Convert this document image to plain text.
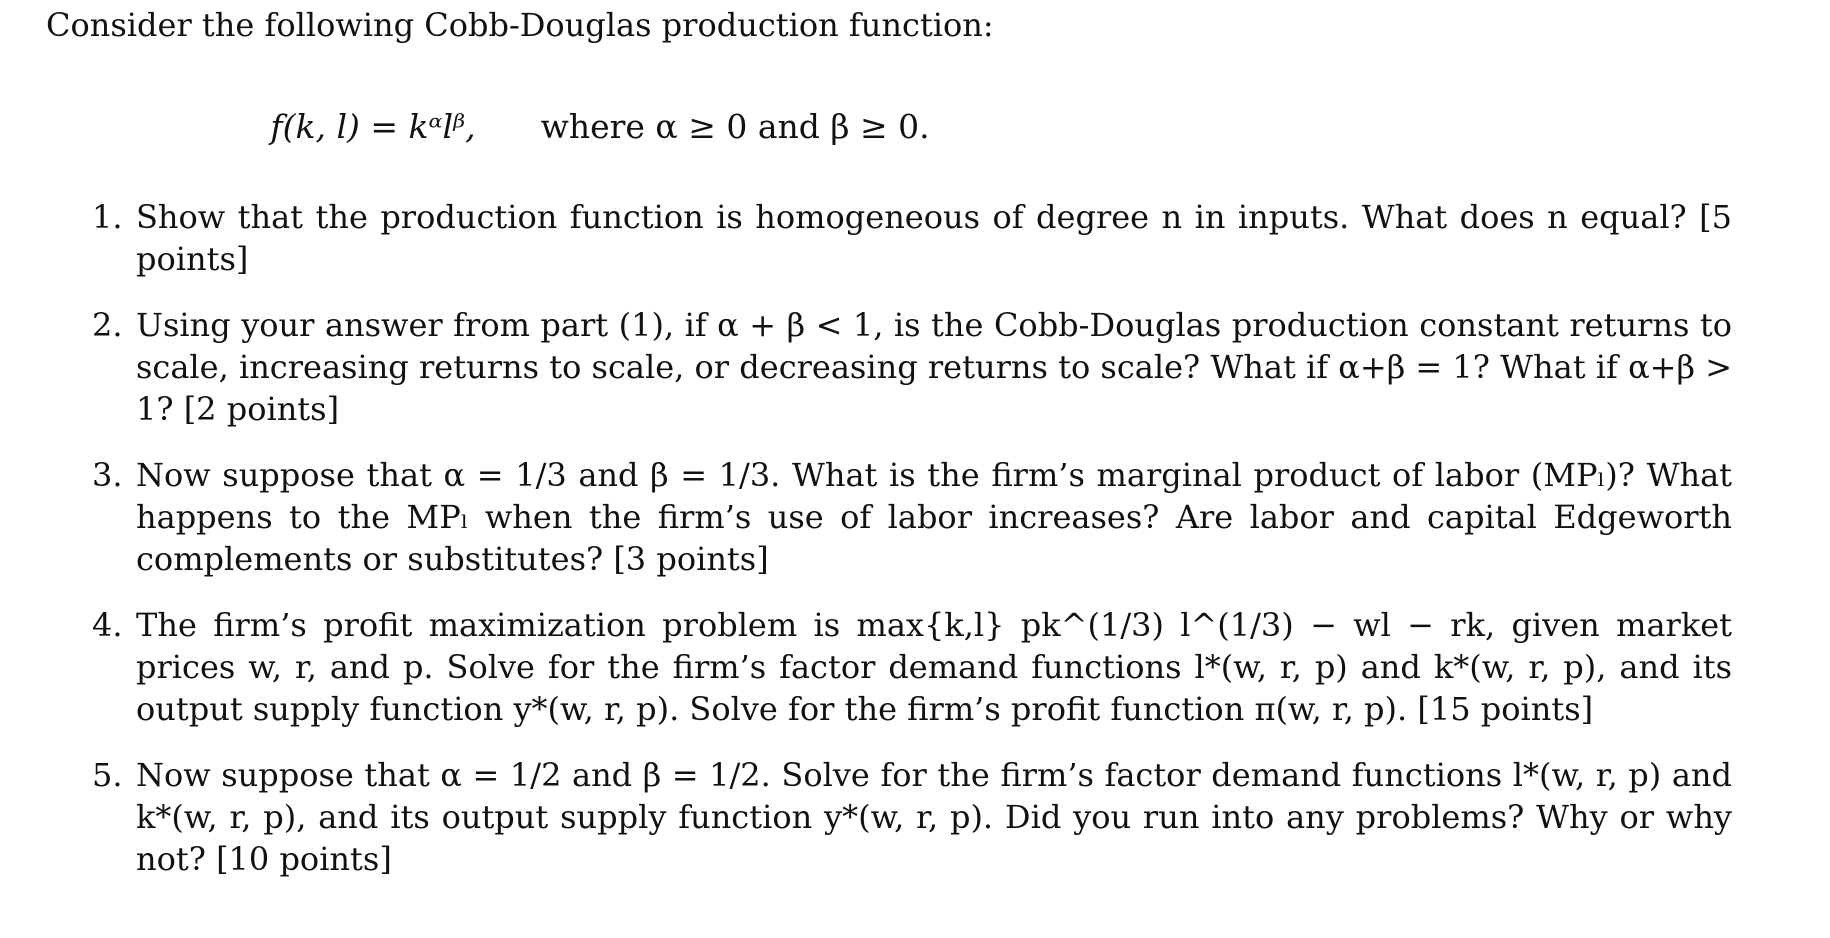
Consider the following Cobb-Douglas production function:

f(k, l) = kᵅlᵝ, where α ≥ 0 and β ≥ 0.
1. Show that the production function is homogeneous of degree n in inputs. What does n equal? [5 points]
2. Using your answer from part (1), if α + β < 1, is the Cobb-Douglas production constant returns to scale, increasing returns to scale, or decreasing returns to scale? What if α+β = 1? What if α+β > 1? [2 points]
3. Now suppose that α = 1/3 and β = 1/3. What is the firm’s marginal product of labor (MPₗ)? What happens to the MPₗ when the firm’s use of labor increases? Are labor and capital Edgeworth complements or substitutes? [3 points]
4. The firm’s profit maximization problem is max{k,l} pk^(1/3) l^(1/3) − wl − rk, given market prices w, r, and p. Solve for the firm’s factor demand functions l*(w, r, p) and k*(w, r, p), and its output supply function y*(w, r, p). Solve for the firm’s profit function π(w, r, p). [15 points]
5. Now suppose that α = 1/2 and β = 1/2. Solve for the firm’s factor demand functions l*(w, r, p) and k*(w, r, p), and its output supply function y*(w, r, p). Did you run into any problems? Why or why not? [10 points]
